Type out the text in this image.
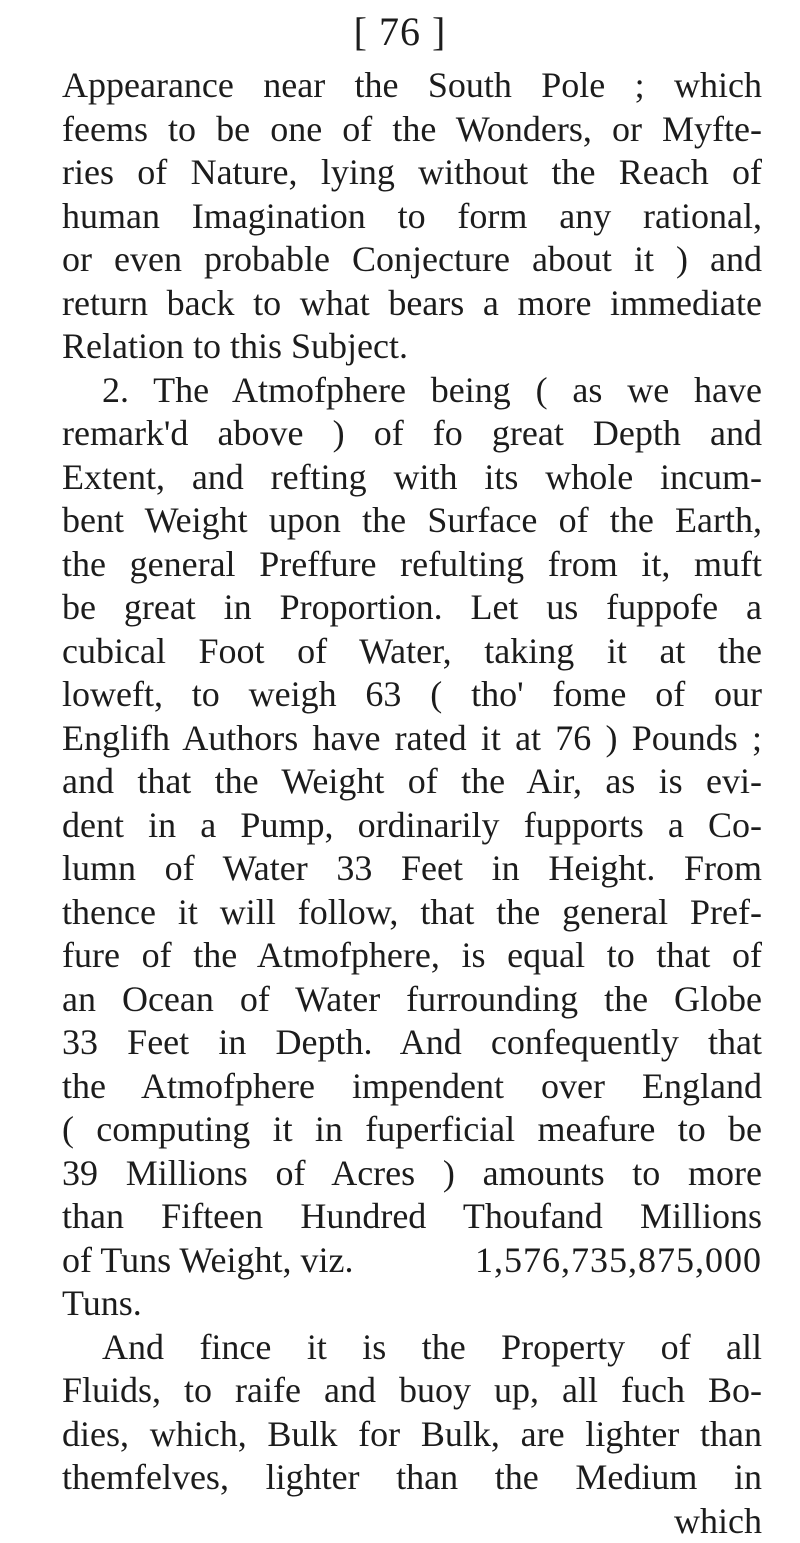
[ 76 ]
Appearance near the South Pole ; which
feems to be one of the Wonders, or Myfte-
ries of Nature, lying without the Reach of
human Imagination to form any rational,
or even probable Conjecture about it ) and
return back to what bears a more immediate
Relation to this Subject.
2. The Atmofphere being ( as we have
remark'd above ) of fo great Depth and
Extent, and refting with its whole incum-
bent Weight upon the Surface of the Earth,
the general Preffure refulting from it, muft
be great in Proportion. Let us fuppofe a
cubical Foot of Water, taking it at the
loweft, to weigh 63 ( tho' fome of our
Englifh Authors have rated it at 76 ) Pounds ;
and that the Weight of the Air, as is evi-
dent in a Pump, ordinarily fupports a Co-
lumn of Water 33 Feet in Height. From
thence it will follow, that the general Pref-
fure of the Atmofphere, is equal to that of
an Ocean of Water furrounding the Globe
33 Feet in Depth. And confequently that
the Atmofphere impendent over England
( computing it in fuperficial meafure to be
39 Millions of Acres ) amounts to more
than Fifteen Hundred Thoufand Millions
of Tuns Weight, viz.	1,576,735,875,000
Tuns.
And fince it is the Property of all
Fluids, to raife and buoy up, all fuch Bo-
dies, which, Bulk for Bulk, are lighter than
themfelves, lighter than the Medium in
which
